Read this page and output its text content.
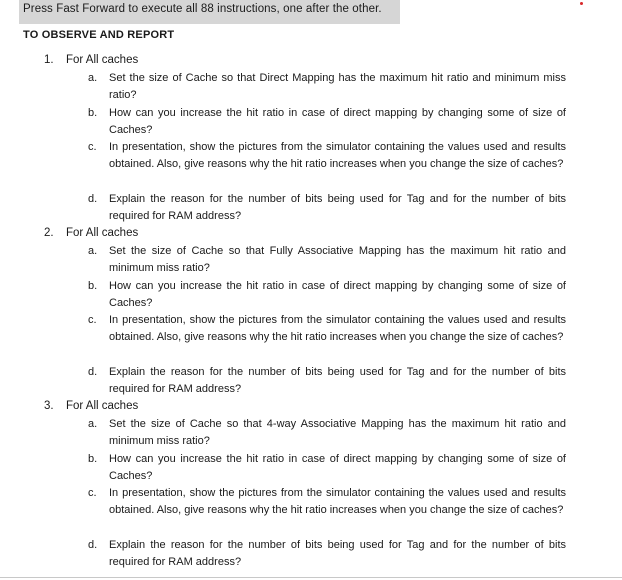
Press Fast Forward to execute all 88 instructions, one after the other.
TO OBSERVE AND REPORT
1. For All caches
a. Set the size of Cache so that Direct Mapping has the maximum hit ratio and minimum miss ratio?
b. How can you increase the hit ratio in case of direct mapping by changing some of size of Caches?
c. In presentation, show the pictures from the simulator containing the values used and results obtained. Also, give reasons why the hit ratio increases when you change the size of caches?
d. Explain the reason for the number of bits being used for Tag and for the number of bits required for RAM address?
2. For All caches
a. Set the size of Cache so that Fully Associative Mapping has the maximum hit ratio and minimum miss ratio?
b. How can you increase the hit ratio in case of direct mapping by changing some of size of Caches?
c. In presentation, show the pictures from the simulator containing the values used and results obtained. Also, give reasons why the hit ratio increases when you change the size of caches?
d. Explain the reason for the number of bits being used for Tag and for the number of bits required for RAM address?
3. For All caches
a. Set the size of Cache so that 4-way Associative Mapping has the maximum hit ratio and minimum miss ratio?
b. How can you increase the hit ratio in case of direct mapping by changing some of size of Caches?
c. In presentation, show the pictures from the simulator containing the values used and results obtained. Also, give reasons why the hit ratio increases when you change the size of caches?
d. Explain the reason for the number of bits being used for Tag and for the number of bits required for RAM address?
